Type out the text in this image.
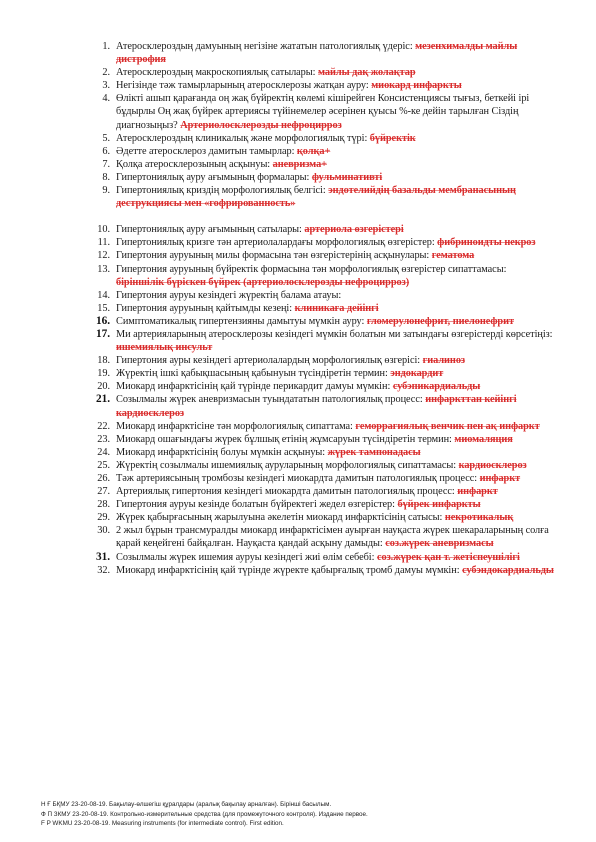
1. Атеросклероздың дамуының негізіне жататын патологиялық үдеріс: мезенхималды майлы дистрофия
2. Атеросклероздың макроскопиялық сатылары: майлы дақ жолақтар
3. Негізінде тәж тамырларының атеросклерозы жатқан ауру: миокард инфаркты
4. Өлікті ашып қарағанда оң жақ бүйректің көлемі кішірейген Консистенциясы тығыз, беткейі ірі бұдырлы Оң жақ бүйрек артериясы түйінемелер әсерінен қуысы %-ке дейін тарылған Сіздің диагнозыңыз? Артериолосклерозды нефроцирроз
5. Атеросклероздың клиникалық және морфологиялық түрі: бүйректік
6. Әдетте атеросклероз дамитын тамырлар: қолқа+
7. Қолқа атеросклерозының асқынуы: аневризма+
8. Гипертониялық ауру ағымының формалары: фульминативті
9. Гипертониялық криздің морфологиялық белгісі: эндотелийдің базальды мембранасының деструкциясы мен «гофрированность»
10. Гипертониялық ауру ағымының сатылары: артериола өзгерістері
11. Гипертониялық кризге тән артериолалардағы морфологиялық өзгерістер: фибриноидты некроз
12. Гипертония ауруының милы формасына тән өзгерістерінің асқынулары: гематома
13. Гипертония ауруының бүйректік формасына тән морфологиялық өзгерістер сипаттамасы: біріншілік бүріскен бүйрек (артериолосклерозды нефроцирроз)
14. Гипертония ауруы кезіндегі жүректің балама атауы:
15. Гипертония ауруының қайтымды кезеңі: клиникаға дейінгі
16. Симптоматикалық гипертензияны дамытуы мүмкін ауру: гломерулонефрит, пиелонефрит
17. Ми артерияларының атеросклерозы кезіндегі мүмкін болатын ми затындағы өзгерістерді көрсетіңіз: ишемиялық инсульт
18. Гипертония ауры кезіндегі артериолалардың морфологиялық өзгерісі: гиалиноз
19. Жүректің ішкі қабықшасының қабынуын түсіндіретін термин: эндокардит
20. Миокард инфарктісінің қай түрінде перикардит дамуы мүмкін: субэпикардиальды
21. Созылмалы жүрек аневризмасын туындататын патологиялық процесс: инфаркттан кейінгі кардиосклероз
22. Миокард инфарктісіне тән морфологиялық сипаттама: геморрагиялық венчик пен ақ инфаркт
23. Миокард ошағындағы жүрек бұлшық етінің жұмсаруын түсіндіретін термин: миомаляция
24. Миокард инфарктісінің болуы мүмкін асқынуы: жүрек тампонадасы
25. Жүректің созылмалы ишемиялық ауруларының морфологиялық сипаттамасы: кардиосклероз
26. Тәж артериясының тромбозы кезіндегі миокардта дамитын патологиялық процесс: инфаркт
27. Артериялық гипертония кезіндегі миокардта дамитын патологиялық процесс: инфаркт
28. Гипертония ауруы кезінде болатын бүйректегі жедел өзгерістер: бүйрек инфаркты
29. Жүрек қабырғасының жарылуына әкелетін миокард инфарктісінің сатысы: некротикалық
30. 2 жыл бұрын трансмуралды миокард инфарктісімен ауырған науқаста жүрек шекараларының солға қарай кеңейгені байқалған. Науқаста қандай асқыну дамыды: соз.жүрек аневризмасы
31. Созылмалы жүрек ишемия ауруы кезіндегі жиі өлім себебі: соз.жүрек қан т. жетіспеушілігі
32. Миокард инфарктісінің қай түрінде жүректе қабырғалық тромб дамуы мүмкін: субэндокардиальды
Н Ғ БҚМУ 23-20-08-19. Бақылау-өлшегіш құралдары (аралық бақылау арналған). Бірінші басылым.
Ф П ЗКМУ 23-20-08-19. Контрольно-измерительные средства (для промежуточного контроля). Издание первое.
F P WKMU 23-20-08-19. Measuring instruments (for intermediate control). First edition.
